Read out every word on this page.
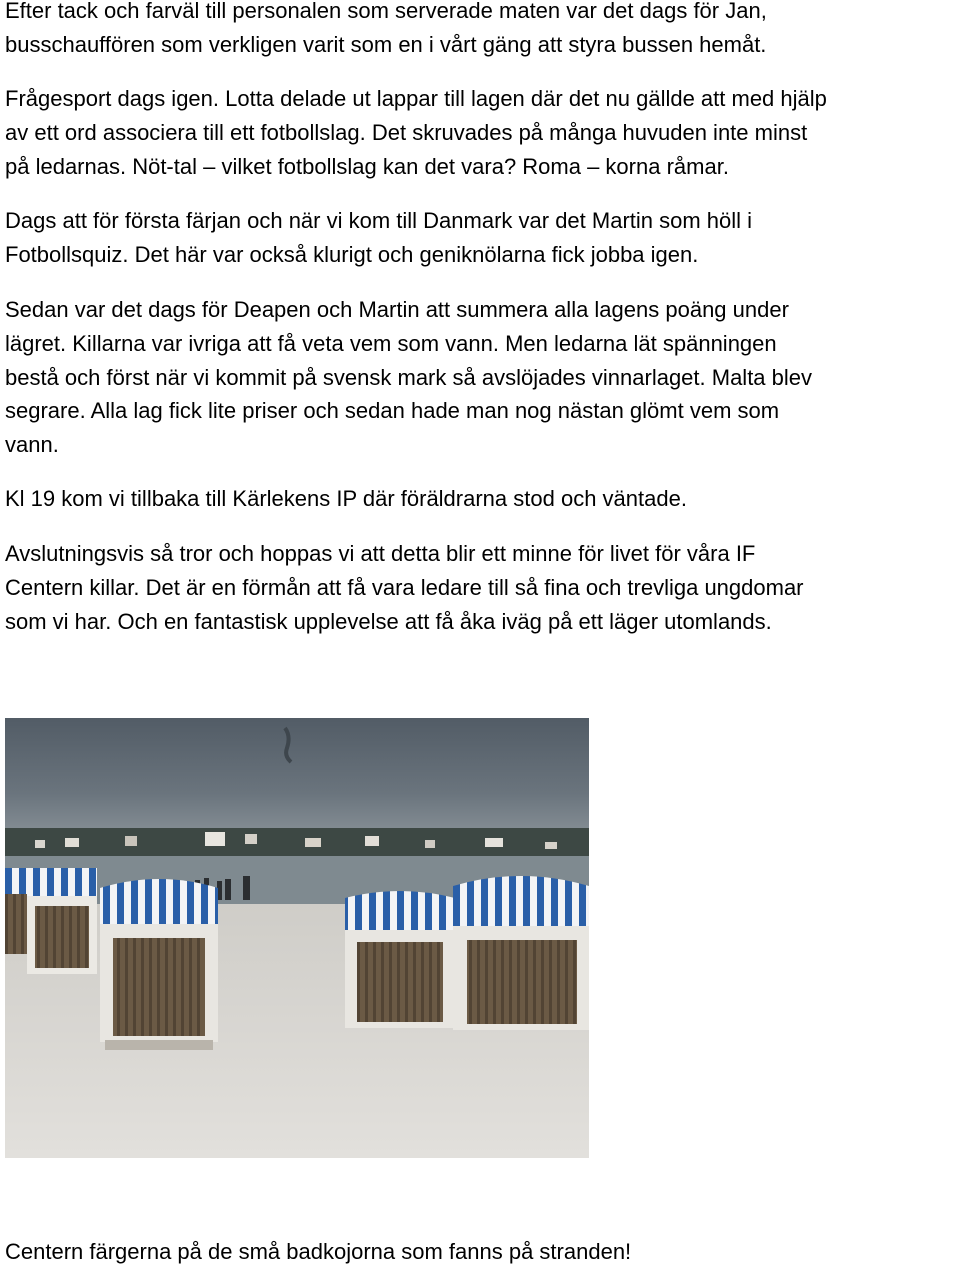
Efter tack och farväl till personalen som serverade maten var det dags för Jan,
busschauffören som verkligen varit som en i vårt gäng att styra bussen hemåt.

Frågesport dags igen. Lotta delade ut lappar till lagen där det nu gällde att med hjälp
av ett ord associera till ett fotbollslag. Det skruvades på många huvuden inte minst
på ledarnas. Nöt-tal – vilket fotbollslag kan det vara? Roma – korna råmar.

Dags att för första färjan och när vi kom till Danmark var det Martin som höll i
Fotbollsquiz. Det här var också klurigt och geniknölarna fick jobba igen.

Sedan var det dags för Deapen och Martin att summera alla lagens poäng under
lägret. Killarna var ivriga att få veta vem som vann. Men ledarna lät spänningen
bestå och först när vi kommit på svensk mark så avslöjades vinnarlaget. Malta blev
segrare. Alla lag fick lite priser och sedan hade man nog nästan glömt vem som
vann.

Kl 19 kom vi tillbaka till Kärlekens IP där föräldrarna stod och väntade.

Avslutningsvis så tror och hoppas vi att detta blir ett minne för livet för våra IF
Centern killar. Det är en förmån att få vara ledare till så fina och trevliga ungdomar
som vi har. Och en fantastisk upplevelse att få åka iväg på ett läger utomlands.

Centern färgerna på de små badkojorna som fanns på stranden!
